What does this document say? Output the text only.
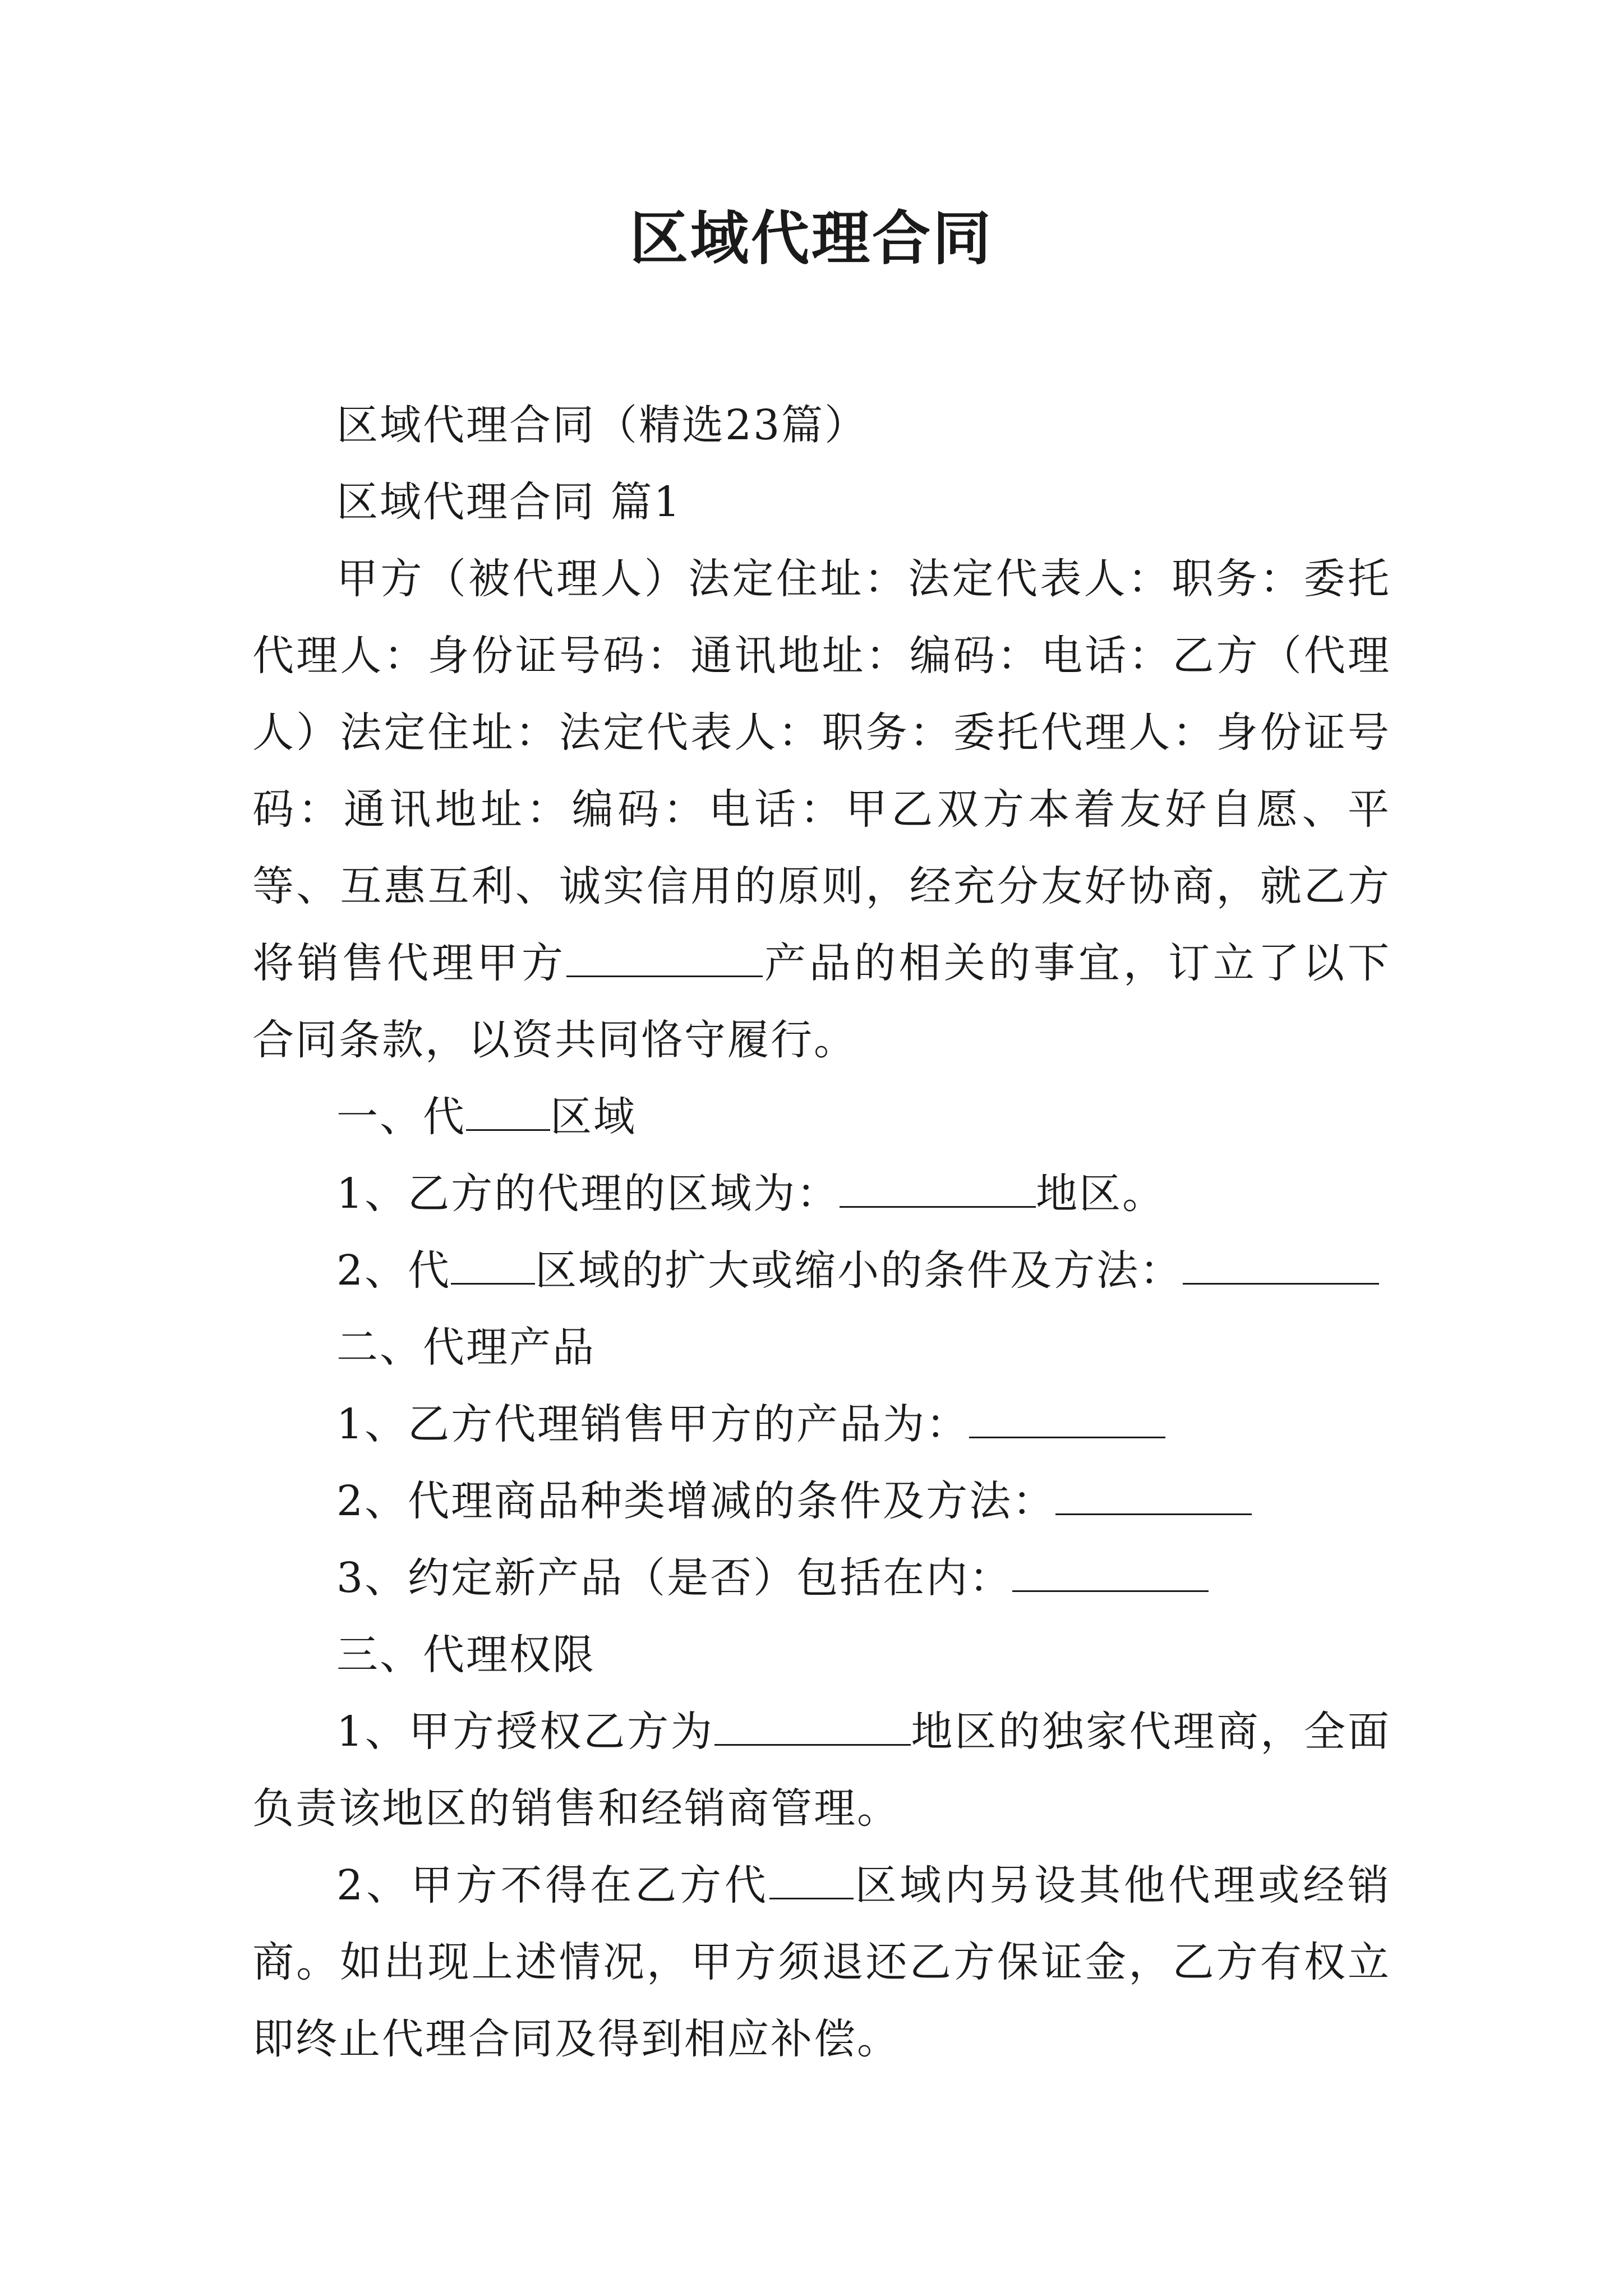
区域代理合同

区域代理合同（精选23篇）

区域代理合同 篇1

甲方（被代理人）法定住址：法定代表人：职务：委托代理人：身份证号码：通讯地址：编码：电话：乙方（代理人）法定住址：法定代表人：职务：委托代理人：身份证号码：通讯地址：编码：电话：甲乙双方本着友好自愿、平等、互惠互利、诚实信用的原则，经充分友好协商，就乙方将销售代理甲方	产品的相关的事宜，订立了以下合同条款，以资共同恪守履行。

一、代 区域

1、乙方的代理的区域为：	地区。

2、代 区域的扩大或缩小的条件及方法：

二、代理产品

1、乙方代理销售甲方的产品为：

2、代理商品种类增减的条件及方法：

3、约定新产品（是否）包括在内：

三、代理权限

1、甲方授权乙方为	地区的独家代理商，全面负责该地区的销售和经销商管理。

2、甲方不得在乙方代 区域内另设其他代理或经销商。如出现上述情况，甲方须退还乙方保证金，乙方有权立即终止代理合同及得到相应补偿。
